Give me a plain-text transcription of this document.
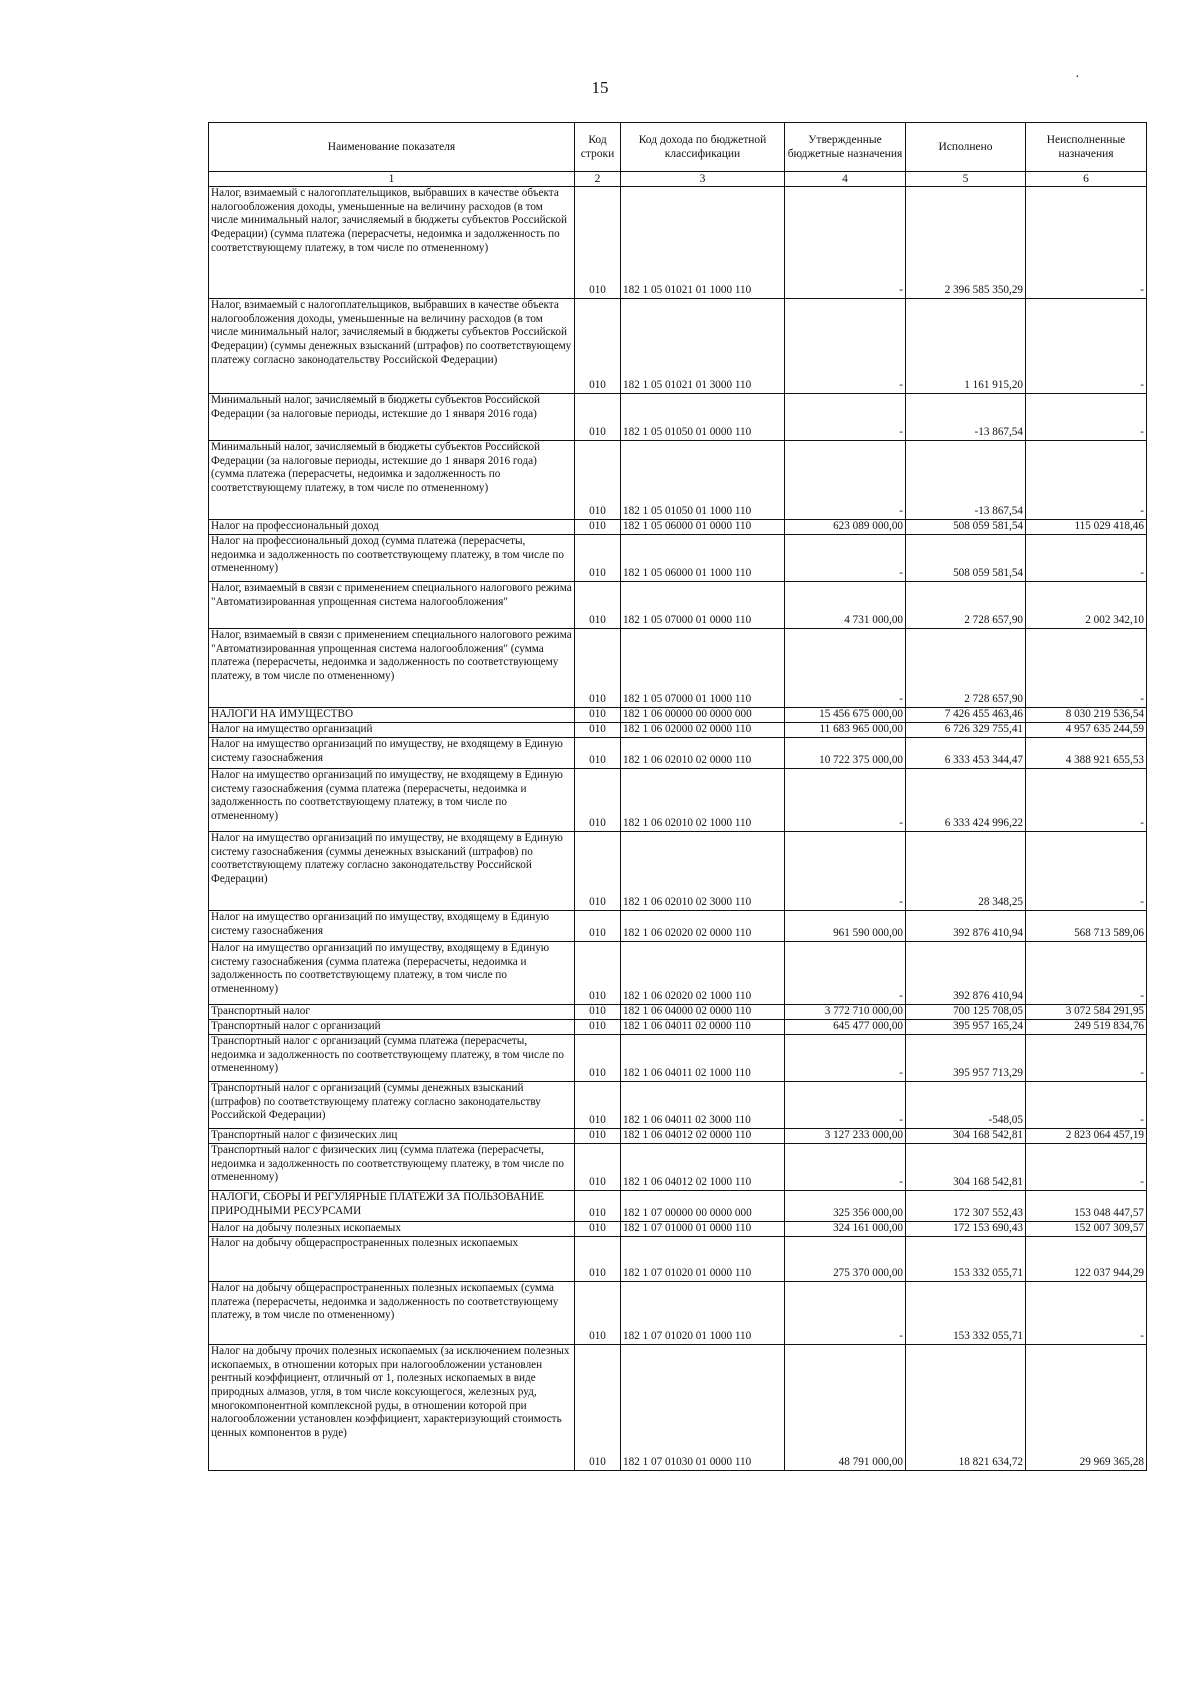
15
·
Наименование показателя	Код строки	Код дохода по бюджетной классификации	Утвержденные бюджетные назначения	Исполнено	Неисполненные назначения
1	2	3	4	5	6
Налог, взимаемый с налогоплательщиков, выбравших в качестве объекта налогообложения доходы, уменьшенные на величину расходов (в том числе минимальный налог, зачисляемый в бюджеты субъектов Российской Федерации) (сумма платежа (перерасчеты, недоимка и задолженность по соответствующему платежу, в том числе по отмененному)	010	182 1 05 01021 01 1000 110	-	2 396 585 350,29	-
Налог, взимаемый с налогоплательщиков, выбравших в качестве объекта налогообложения доходы, уменьшенные на величину расходов (в том числе минимальный налог, зачисляемый в бюджеты субъектов Российской Федерации) (суммы денежных взысканий (штрафов) по соответствующему платежу согласно законодательству Российской Федерации)	010	182 1 05 01021 01 3000 110	-	1 161 915,20	-
Минимальный налог, зачисляемый в бюджеты субъектов Российской Федерации (за налоговые периоды, истекшие до 1 января 2016 года)	010	182 1 05 01050 01 0000 110	-	-13 867,54	-
Минимальный налог, зачисляемый в бюджеты субъектов Российской Федерации (за налоговые периоды, истекшие до 1 января 2016 года) (сумма платежа (перерасчеты, недоимка и задолженность по соответствующему платежу, в том числе по отмененному)	010	182 1 05 01050 01 1000 110	-	-13 867,54	-
Налог на профессиональный доход	010	182 1 05 06000 01 0000 110	623 089 000,00	508 059 581,54	115 029 418,46
Налог на профессиональный доход (сумма платежа (перерасчеты, недоимка и задолженность по соответствующему платежу, в том числе по отмененному)	010	182 1 05 06000 01 1000 110	-	508 059 581,54	-
Налог, взимаемый в связи с применением специального налогового режима "Автоматизированная упрощенная система налогообложения"	010	182 1 05 07000 01 0000 110	4 731 000,00	2 728 657,90	2 002 342,10
Налог, взимаемый в связи с применением специального налогового режима "Автоматизированная упрощенная система налогообложения" (сумма платежа (перерасчеты, недоимка и задолженность по соответствующему платежу, в том числе по отмененному)	010	182 1 05 07000 01 1000 110	-	2 728 657,90	-
НАЛОГИ НА ИМУЩЕСТВО	010	182 1 06 00000 00 0000 000	15 456 675 000,00	7 426 455 463,46	8 030 219 536,54
Налог на имущество организаций	010	182 1 06 02000 02 0000 110	11 683 965 000,00	6 726 329 755,41	4 957 635 244,59
Налог на имущество организаций по имуществу, не входящему в Единую систему газоснабжения	010	182 1 06 02010 02 0000 110	10 722 375 000,00	6 333 453 344,47	4 388 921 655,53
Налог на имущество организаций по имуществу, не входящему в Единую систему газоснабжения (сумма платежа (перерасчеты, недоимка и задолженность по соответствующему платежу, в том числе по отмененному)	010	182 1 06 02010 02 1000 110	-	6 333 424 996,22	-
Налог на имущество организаций по имуществу, не входящему в Единую систему газоснабжения (суммы денежных взысканий (штрафов) по соответствующему платежу согласно законодательству Российской Федерации)	010	182 1 06 02010 02 3000 110	-	28 348,25	-
Налог на имущество организаций по имуществу, входящему в Единую систему газоснабжения	010	182 1 06 02020 02 0000 110	961 590 000,00	392 876 410,94	568 713 589,06
Налог на имущество организаций по имуществу, входящему в Единую систему газоснабжения (сумма платежа (перерасчеты, недоимка и задолженность по соответствующему платежу, в том числе по отмененному)	010	182 1 06 02020 02 1000 110	-	392 876 410,94	-
Транспортный налог	010	182 1 06 04000 02 0000 110	3 772 710 000,00	700 125 708,05	3 072 584 291,95
Транспортный налог с организаций	010	182 1 06 04011 02 0000 110	645 477 000,00	395 957 165,24	249 519 834,76
Транспортный налог с организаций (сумма платежа (перерасчеты, недоимка и задолженность по соответствующему платежу, в том числе по отмененному)	010	182 1 06 04011 02 1000 110	-	395 957 713,29	-
Транспортный налог с организаций (суммы денежных взысканий (штрафов) по соответствующему платежу согласно законодательству Российской Федерации)	010	182 1 06 04011 02 3000 110	-	-548,05	-
Транспортный налог с физических лиц	010	182 1 06 04012 02 0000 110	3 127 233 000,00	304 168 542,81	2 823 064 457,19
Транспортный налог с физических лиц (сумма платежа (перерасчеты, недоимка и задолженность по соответствующему платежу, в том числе по отмененному)	010	182 1 06 04012 02 1000 110	-	304 168 542,81	-
НАЛОГИ, СБОРЫ И РЕГУЛЯРНЫЕ ПЛАТЕЖИ ЗА ПОЛЬЗОВАНИЕ ПРИРОДНЫМИ РЕСУРСАМИ	010	182 1 07 00000 00 0000 000	325 356 000,00	172 307 552,43	153 048 447,57
Налог на добычу полезных ископаемых	010	182 1 07 01000 01 0000 110	324 161 000,00	172 153 690,43	152 007 309,57
Налог на добычу общераспространенных полезных ископаемых	010	182 1 07 01020 01 0000 110	275 370 000,00	153 332 055,71	122 037 944,29
Налог на добычу общераспространенных полезных ископаемых (сумма платежа (перерасчеты, недоимка и задолженность по соответствующему платежу, в том числе по отмененному)	010	182 1 07 01020 01 1000 110	-	153 332 055,71	-
Налог на добычу прочих полезных ископаемых (за исключением полезных ископаемых, в отношении которых при налогообложении установлен рентный коэффициент, отличный от 1, полезных ископаемых в виде природных алмазов, угля, в том числе коксующегося, железных руд, многокомпонентной комплексной руды, в отношении которой при налогообложении установлен коэффициент, характеризующий стоимость ценных компонентов в руде)	010	182 1 07 01030 01 0000 110	48 791 000,00	18 821 634,72	29 969 365,28
